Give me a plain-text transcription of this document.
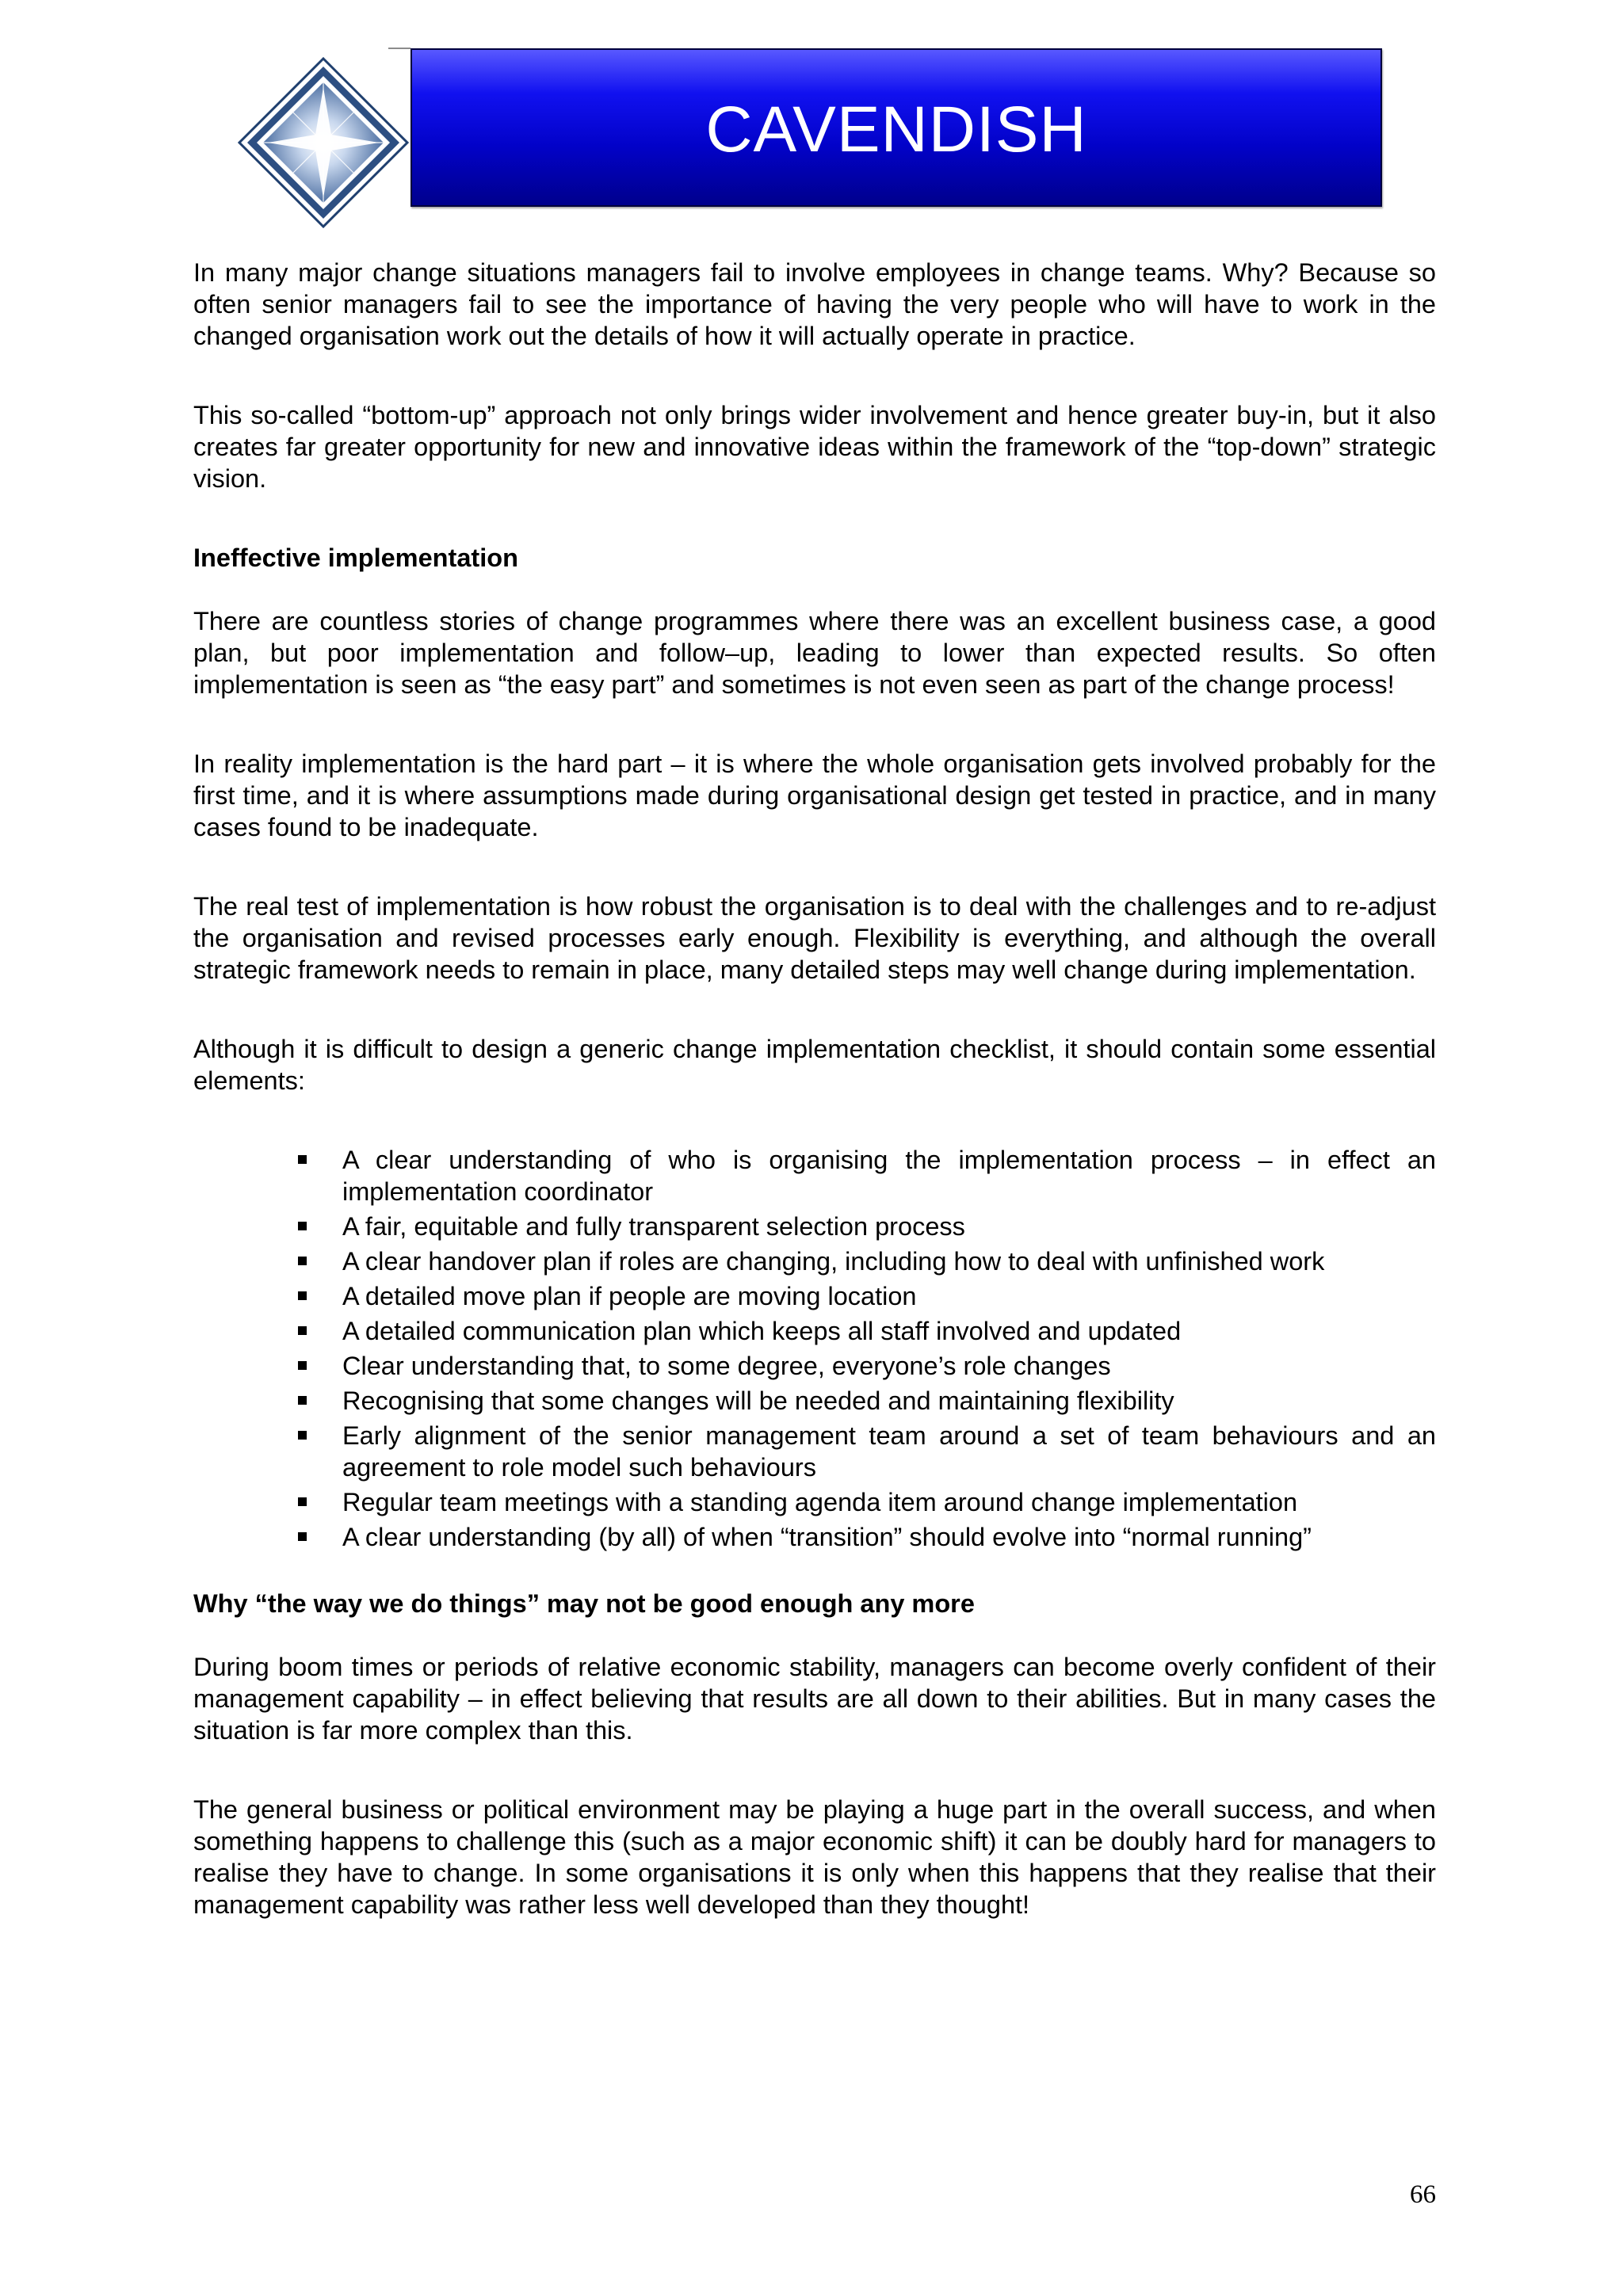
CAVENDISH

In many major change situations managers fail to involve employees in change teams. Why? Because so often senior managers fail to see the importance of having the very people who will have to work in the changed organisation work out the details of how it will actually operate in practice.

This so-called “bottom-up” approach not only brings wider involvement and hence greater buy-in, but it also creates far greater opportunity for new and innovative ideas within the framework of the “top-down” strategic vision.

Ineffective implementation

There are countless stories of change programmes where there was an excellent business case, a good plan, but poor implementation and follow–up, leading to lower than expected results. So often implementation is seen as “the easy part” and sometimes is not even seen as part of the change process!

In reality implementation is the hard part – it is where the whole organisation gets involved probably for the first time, and it is where assumptions made during organisational design get tested in practice, and in many cases found to be inadequate.

The real test of implementation is how robust the organisation is to deal with the challenges and to re-adjust the organisation and revised processes early enough. Flexibility is everything, and although the overall strategic framework needs to remain in place, many detailed steps may well change during implementation.

Although it is difficult to design a generic change implementation checklist, it should contain some essential elements:

A clear understanding of who is organising the implementation process – in effect an implementation coordinator
A fair, equitable and fully transparent selection process
A clear handover plan if roles are changing, including how to deal with unfinished work
A detailed move plan if people are moving location
A detailed communication plan which keeps all staff involved and updated
Clear understanding that, to some degree, everyone’s role changes
Recognising that some changes will be needed and maintaining flexibility
Early alignment of the senior management team around a set of team behaviours and an agreement to role model such behaviours
Regular team meetings with a standing agenda item around change implementation
A clear understanding (by all) of when “transition” should evolve into “normal running”
Why “the way we do things” may not be good enough any more

During boom times or periods of relative economic stability, managers can become overly confident of their management capability – in effect believing that results are all down to their abilities. But in many cases the situation is far more complex than this.

The general business or political environment may be playing a huge part in the overall success, and when something happens to challenge this (such as a major economic shift) it can be doubly hard for managers to realise they have to change. In some organisations it is only when this happens that they realise that their management capability was rather less well developed than they thought!

66
